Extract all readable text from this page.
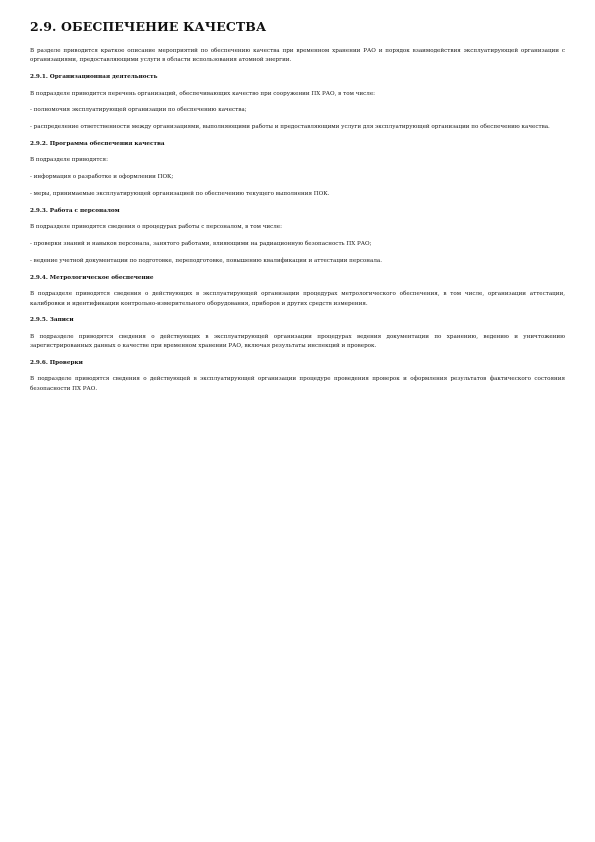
2.9. ОБЕСПЕЧЕНИЕ КАЧЕСТВА

В разделе приводится краткое описание мероприятий по обеспечению качества при временном хранении РАО и порядок взаимодействия эксплуатирующей организации с организациями, предоставляющими услуги в области использования атомной энергии.

2.9.1. Организационная деятельность

В подразделе приводится перечень организаций, обеспечивающих качество при сооружении ПХ РАО, в том числе:

- полномочия эксплуатирующей организации по обеспечению качества;

- распределение ответственности между организациями, выполняющими работы и предоставляющими услуги для эксплуатирующей организации по обеспечению качества.

2.9.2. Программа обеспечения качества

В подразделе приводятся:

- информация о разработке и оформлении ПОК;

- меры, принимаемые эксплуатирующей организацией по обеспечению текущего выполнения ПОК.

2.9.3. Работа с персоналом

В подразделе приводятся сведения о процедурах работы с персоналом, в том числе:

- проверки знаний и навыков персонала, занятого работами, влияющими на радиационную безопасность ПХ РАО;

- ведение учетной документации по подготовке, переподготовке, повышению квалификации и аттестации персонала.

2.9.4. Метрологическое обеспечение

В подразделе приводятся сведения о действующих в эксплуатирующей организации процедурах метрологического обеспечения, в том числе, организации аттестации, калибровки и идентификации контрольно-измерительного оборудования, приборов и других средств измерения.

2.9.5. Записи

В подразделе приводятся сведения о действующих в эксплуатирующей организации процедурах ведения документации по хранению, ведению и уничтожению зарегистрированных данных о качестве при временном хранении РАО, включая результаты инспекций и проверок.

2.9.6. Проверки

В подразделе приводятся сведения о действующей в эксплуатирующей организации процедуре проведения проверок и оформления результатов фактического состояния безопасности ПХ РАО.
